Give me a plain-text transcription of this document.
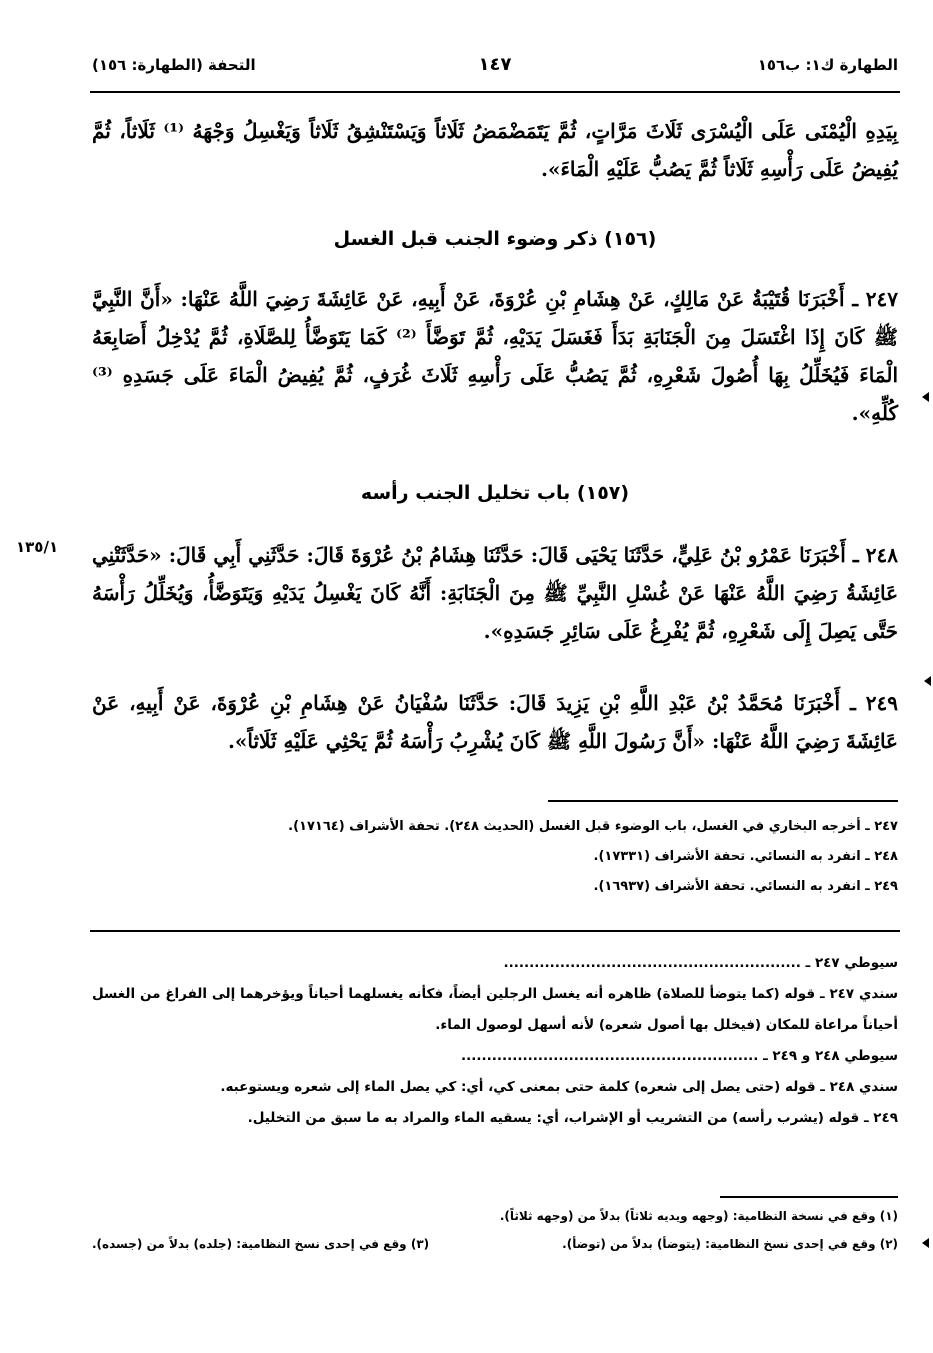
الطهارة ك١: ب١٥٦
١٤٧
التحفة (الطهارة: ١٥٦)
بِيَدِهِ الْيُمْنَى عَلَى الْيُسْرَى ثَلَاثَ مَرَّاتٍ، ثُمَّ يَتَمَضْمَضُ ثَلَاثاً وَيَسْتَنْشِقُ ثَلَاثاً وَيَغْسِلُ وَجْهَهُ ⁽¹⁾ ثَلَاثاً، ثُمَّ يُفِيضُ عَلَى رَأْسِهِ ثَلَاثاً ثُمَّ يَصُبُّ عَلَيْهِ الْمَاءَ».
(١٥٦) ذكر وضوء الجنب قبل الغسل
٢٤٧ ـ أَخْبَرَنَا قُتَيْبَةُ عَنْ مَالِكٍ، عَنْ هِشَامِ بْنِ عُرْوَةَ، عَنْ أَبِيهِ، عَنْ عَائِشَةَ رَضِيَ اللَّهُ عَنْهَا: «أَنَّ النَّبِيَّ ﷺ كَانَ إِذَا اغْتَسَلَ مِنَ الْجَنَابَةِ بَدَأَ فَغَسَلَ يَدَيْهِ، ثُمَّ تَوَضَّأَ ⁽²⁾ كَمَا يَتَوَضَّأُ لِلصَّلَاةِ، ثُمَّ يُدْخِلُ أَصَابِعَهُ الْمَاءَ فَيُخَلِّلُ بِهَا أُصُولَ شَعْرِهِ، ثُمَّ يَصُبُّ عَلَى رَأْسِهِ ثَلَاثَ غُرَفٍ، ثُمَّ يُفِيضُ الْمَاءَ عَلَى جَسَدِهِ ⁽³⁾ كُلِّهِ».
(١٥٧) باب تخليل الجنب رأسه
١٣٥/١ ٢٤٨ ـ أَخْبَرَنَا عَمْرُو بْنُ عَلِيٍّ، حَدَّثَنَا يَحْيَى قَالَ: حَدَّثَنَا هِشَامُ بْنُ عُرْوَةَ قَالَ: حَدَّثَنِي أَبِي قَالَ: «حَدَّثَتْنِي عَائِشَةُ رَضِيَ اللَّهُ عَنْهَا عَنْ غُسْلِ النَّبِيِّ ﷺ مِنَ الْجَنَابَةِ: أَنَّهُ كَانَ يَغْسِلُ يَدَيْهِ وَيَتَوَضَّأُ، وَيُخَلِّلُ رَأْسَهُ حَتَّى يَصِلَ إِلَى شَعْرِهِ، ثُمَّ يُفْرِغُ عَلَى سَائِرِ جَسَدِهِ».
٢٤٩ ـ أَخْبَرَنَا مُحَمَّدُ بْنُ عَبْدِ اللَّهِ بْنِ يَزِيدَ قَالَ: حَدَّثَنَا سُفْيَانُ عَنْ هِشَامِ بْنِ عُرْوَةَ، عَنْ أَبِيهِ، عَنْ عَائِشَةَ رَضِيَ اللَّهُ عَنْهَا: «أَنَّ رَسُولَ اللَّهِ ﷺ كَانَ يُشْرِبُ رَأْسَهُ ثُمَّ يَحْثِي عَلَيْهِ ثَلَاثاً».
٢٤٧ ـ أخرجه البخاري في الغسل، باب الوضوء قبل الغسل (الحديث ٢٤٨). تحفة الأشراف (١٧١٦٤).
٢٤٨ ـ انفرد به النسائي. تحفة الأشراف (١٧٣٣١).
٢٤٩ ـ انفرد به النسائي. تحفة الأشراف (١٦٩٣٧).
سيوطي ٢٤٧ ـ ..........................................................
سندي ٢٤٧ ـ قوله (كما يتوضأ للصلاة) ظاهره أنه يغسل الرجلين أيضاً، فكأنه يغسلهما أحياناً ويؤخرهما إلى الفراغ من الغسل أحياناً مراعاة للمكان (فيخلل بها أصول شعره) لأنه أسهل لوصول الماء.
سيوطي ٢٤٨ و ٢٤٩ ـ ..........................................................
سندي ٢٤٨ ـ قوله (حتى يصل إلى شعره) كلمة حتى بمعنى كي، أي: كي يصل الماء إلى شعره ويستوعبه.
٢٤٩ ـ قوله (يشرب رأسه) من التشريب أو الإشراب، أي: يسقيه الماء والمراد به ما سبق من التخليل.
(١) وقع في نسخة النظامية: (وجهه ويديه ثلاثاً) بدلاً من (وجهه ثلاثاً).
(٢) وقع في إحدى نسخ النظامية: (يتوضأ) بدلاً من (توضأ).
(٣) وقع في إحدى نسخ النظامية: (جلده) بدلاً من (جسده).
